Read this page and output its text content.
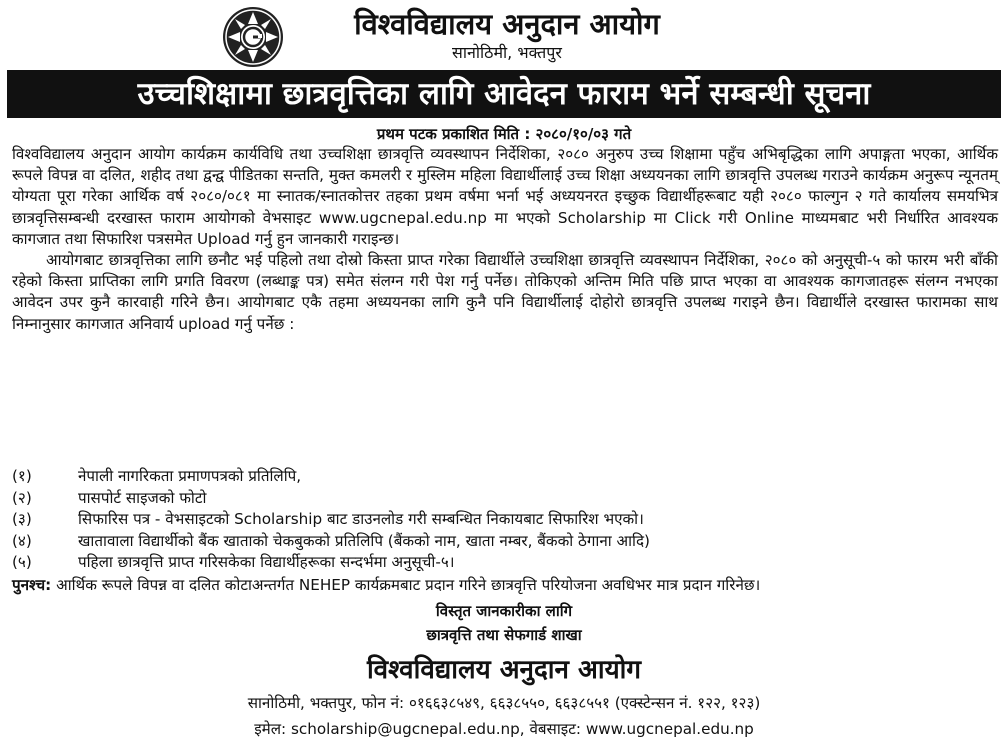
विश्वविद्यालय अनुदान आयोग
सानोठिमी, भक्तपुर
उच्चशिक्षामा छात्रवृत्तिका लागि आवेदन फाराम भर्ने सम्बन्धी सूचना
प्रथम पटक प्रकाशित मिति : २०८०/१०/०३ गते

विश्वविद्यालय अनुदान आयोग कार्यक्रम कार्यविधि तथा उच्चशिक्षा छात्रवृत्ति व्यवस्थापन निर्देशिका, २०८० अनुरुप उच्च शिक्षामा पहुँच अभिबृद्धिका लागि अपाङ्गता भएका, आर्थिक रूपले विपन्न वा दलित, शहीद तथा द्वन्द्व पीडितका सन्तति, मुक्त कमलरी र मुस्लिम महिला विद्यार्थीलाई उच्च शिक्षा अध्ययनका लागि छात्रवृत्ति उपलब्ध गराउने कार्यक्रम अनुरूप न्यूनतम् योग्यता पूरा गरेका आर्थिक वर्ष २०८०/०८१ मा स्नातक/स्नातकोत्तर तहका प्रथम वर्षमा भर्ना भई अध्ययनरत इच्छुक विद्यार्थीहरूबाट यही २०८० फाल्गुन २ गते कार्यालय समयभित्र छात्रवृत्तिसम्बन्धी दरखास्त फाराम आयोगको वेभसाइट www.ugcnepal.edu.np मा भएको Scholarship मा Click गरी Online माध्यमबाट भरी निर्धारित आवश्यक कागजात तथा सिफारिश पत्रसमेत Upload गर्नु हुन जानकारी गराइन्छ।

आयोगबाट छात्रवृत्तिका लागि छनौट भई पहिलो तथा दोस्रो किस्ता प्राप्त गरेका विद्यार्थीले उच्चशिक्षा छात्रवृत्ति व्यवस्थापन निर्देशिका, २०८० को अनुसूची-५ को फारम भरी बाँकी रहेको किस्ता प्राप्तिका लागि प्रगति विवरण (लब्धाङ्क पत्र) समेत संलग्न गरी पेश गर्नु पर्नेछ। तोकिएको अन्तिम मिति पछि प्राप्त भएका वा आवश्यक कागजातहरू संलग्न नभएका आवेदन उपर कुनै कारवाही गरिने छैन। आयोगबाट एकै तहमा अध्ययनका लागि कुनै पनि विद्यार्थीलाई दोहोरो छात्रवृत्ति उपलब्ध गराइने छैन। विद्यार्थीले दरखास्त फारामका साथ निम्नानुसार कागजात अनिवार्य upload गर्नु पर्नेछ :

(१)	नेपाली नागरिकता प्रमाणपत्रको प्रतिलिपि,
(२)	पासपोर्ट साइजको फोटो
(३)	सिफारिस पत्र - वेभसाइटको Scholarship बाट डाउनलोड गरी सम्बन्धित निकायबाट सिफारिश भएको।
(४)	खातावाला विद्यार्थीको बैंक खाताको चेकबुकको प्रतिलिपि (बैंकको नाम, खाता नम्बर, बैंकको ठेगाना आदि)
(५)	पहिला छात्रवृत्ति प्राप्त गरिसकेका विद्यार्थीहरूका सन्दर्भमा अनुसूची-५।
पुनश्च: आर्थिक रूपले विपन्न वा दलित कोटाअन्तर्गत NEHEP कार्यक्रमबाट प्रदान गरिने छात्रवृत्ति परियोजना अवधिभर मात्र प्रदान गरिनेछ।
विस्तृत जानकारीका लागि
छात्रवृत्ति तथा सेफगार्ड शाखा
विश्वविद्यालय अनुदान आयोग
सानोठिमी, भक्तपुर, फोन नं: ०१६६३८५४९, ६६३८५५०, ६६३८५५१ (एक्स्टेन्सन नं. १२२, १२३)
इमेल: scholarship@ugcnepal.edu.np, वेबसाइट: www.ugcnepal.edu.np
